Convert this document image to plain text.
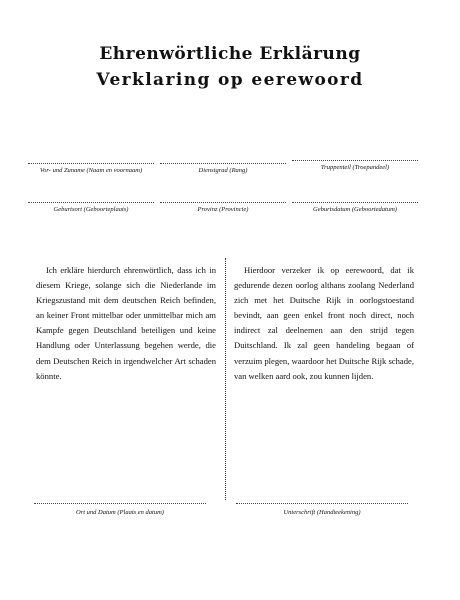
Ehrenwörtliche Erklärung
Verklaring op eerewoord
Vor- und Zuname (Naam en voornaam)	Dienstgrad (Rang)	Truppenteil (Troepandeel)
Geburtsort (Geboorteplaats)	Provinz (Provincie)	Geburtsdatum (Geboortedatum)

Ich erkläre hierdurch ehrenwörtlich, dass ich in diesem Kriege, solange sich die Niederlande im Kriegszustand mit dem deutschen Reich befinden, an keiner Front mittelbar oder unmittelbar mich am Kampfe gegen Deutschland beteiligen und keine Handlung oder Unterlassung begehen werde, die dem Deutschen Reich in irgendwelcher Art schaden könnte.

Hierdoor verzeker ik op eerewoord, dat ik gedurende dezen oorlog althans zoolang Nederland zich met het Duitsche Rijk in oorlogstoestand bevindt, aan geen enkel front noch direct, noch indirect zal deelnemen aan den strijd tegen Duitschland. Ik zal geen handeling begaan of verzuim plegen, waardoor het Duitsche Rijk schade, van welken aard ook, zou kunnen lijden.

Ort und Datum (Plaats en datum)	Unterschrift (Handteekening)
